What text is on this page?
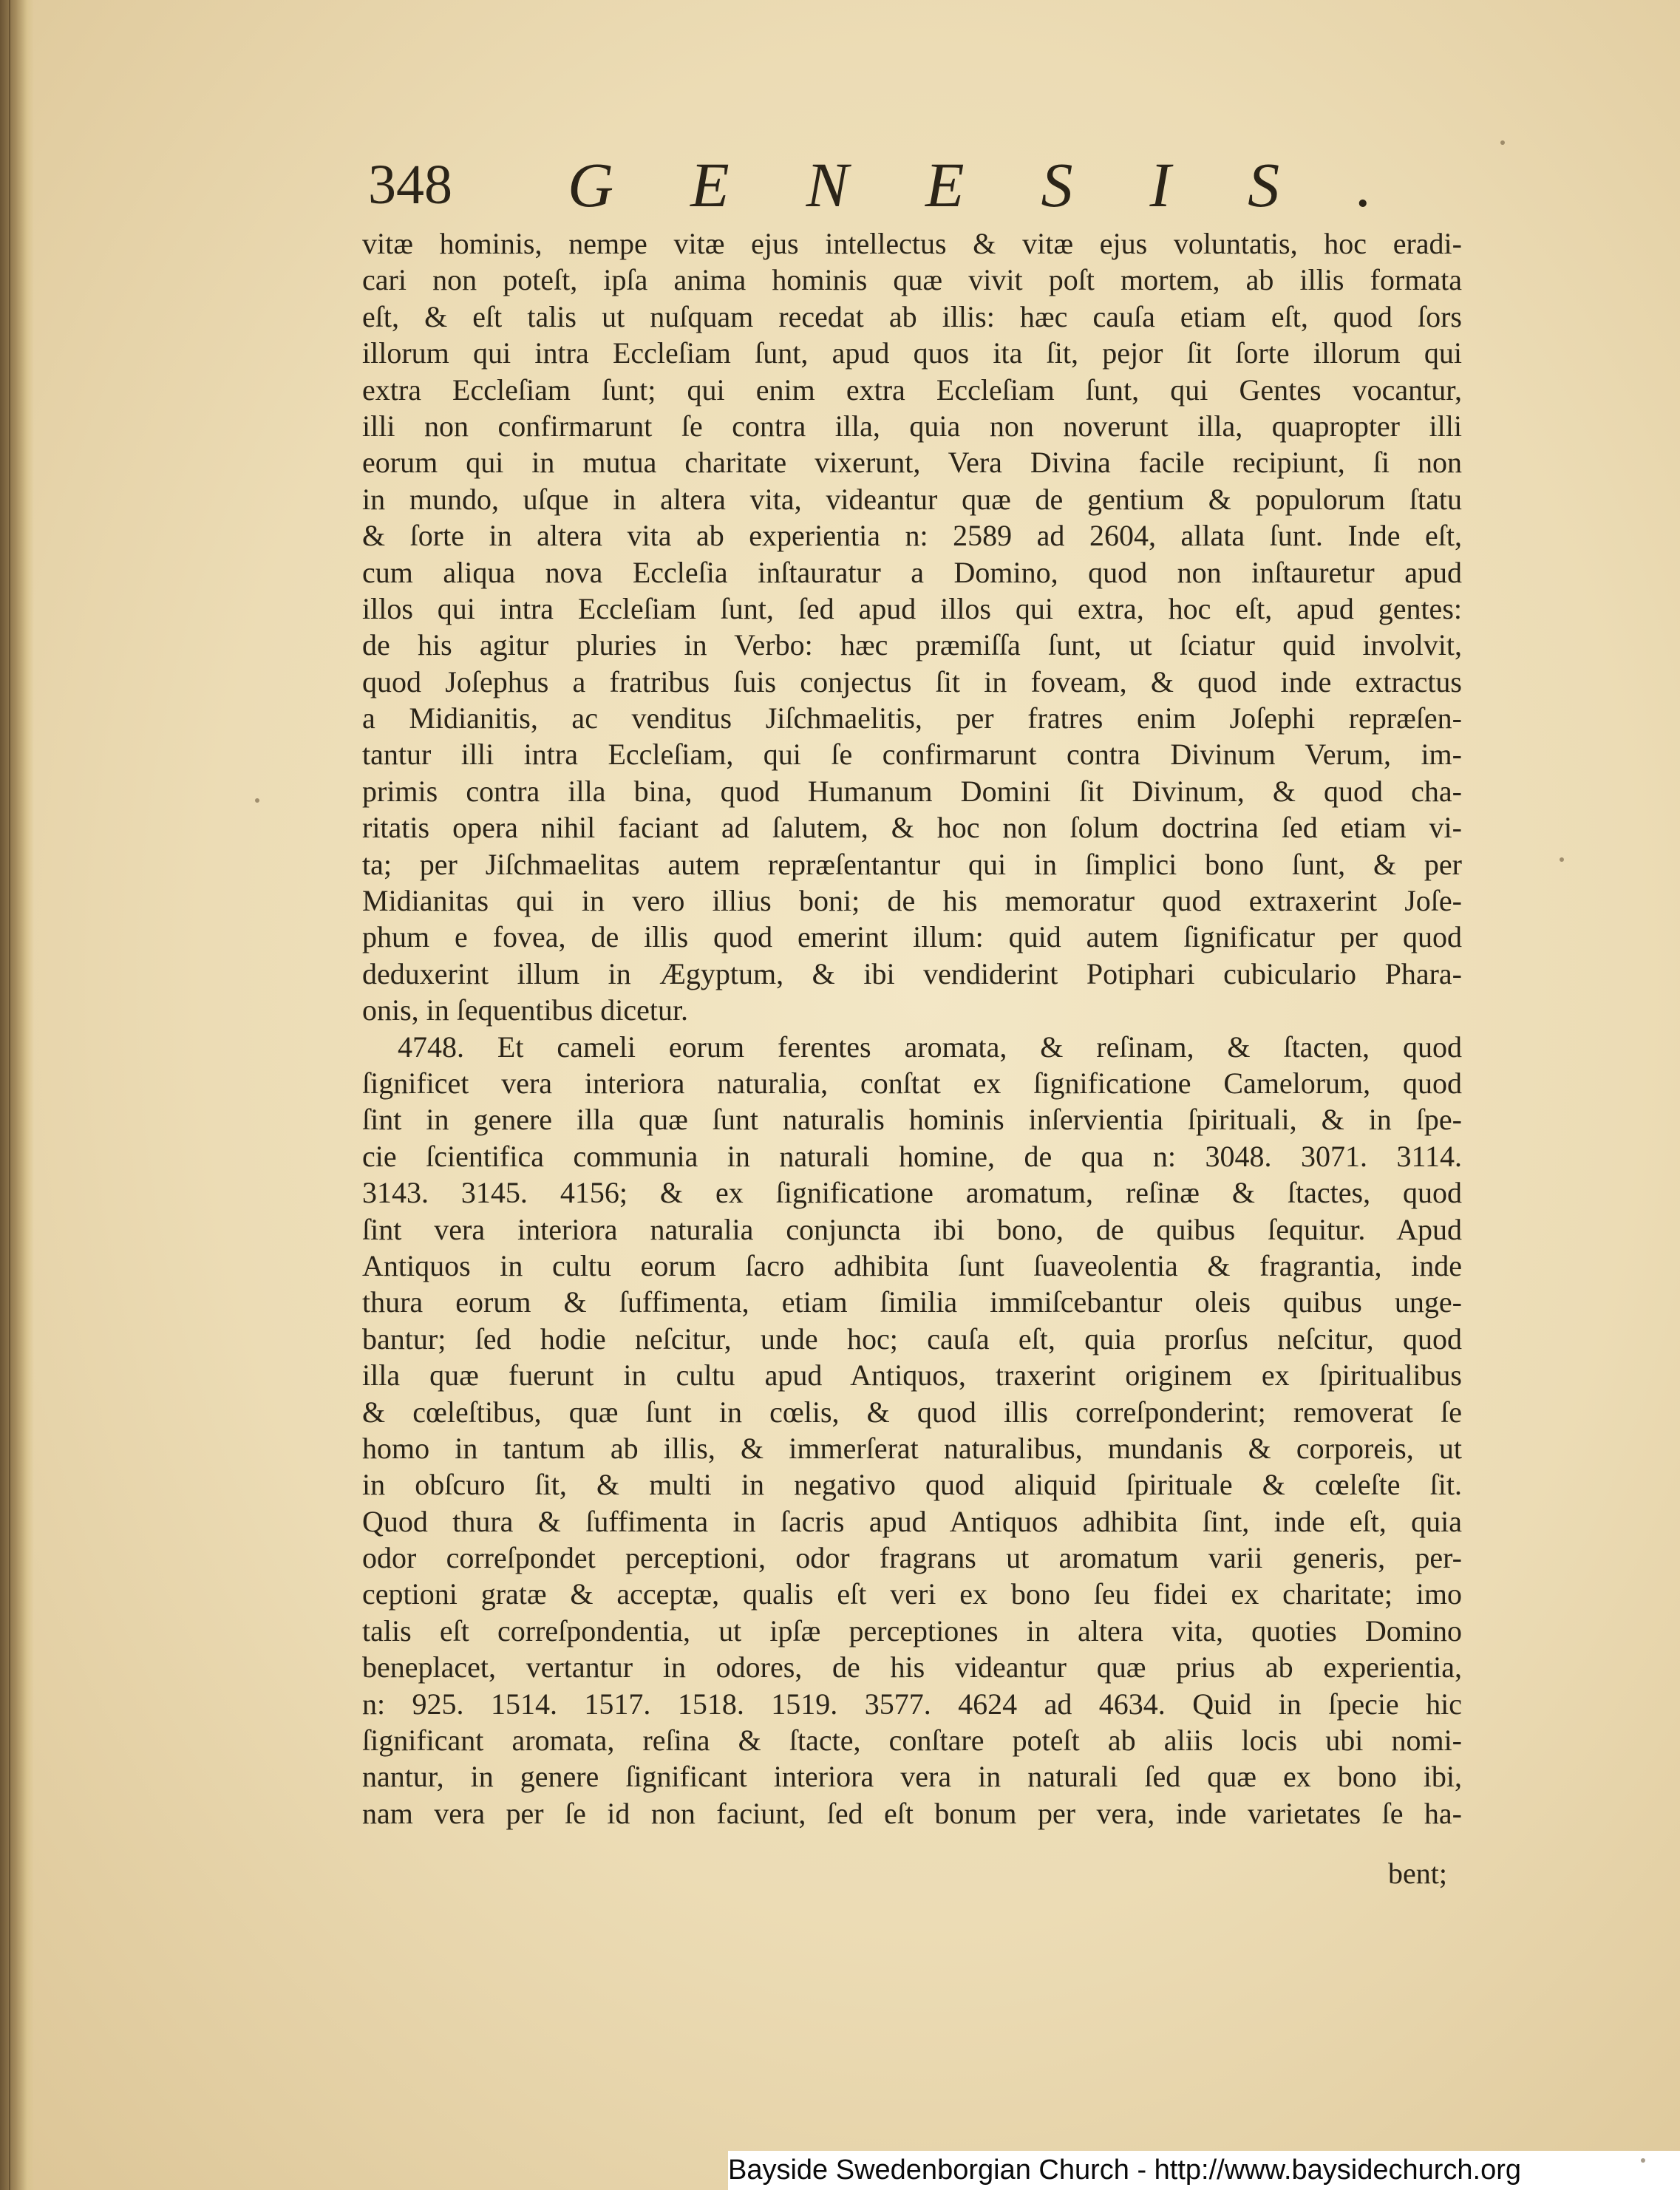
348 GENESIS.
vitæ hominis, nempe vitæ ejus intellectus & vitæ ejus voluntatis, hoc eradi-
cari non poteſt, ipſa anima hominis quæ vivit poſt mortem, ab illis formata
eſt, & eſt talis ut nuſquam recedat ab illis: hæc cauſa etiam eſt, quod ſors
illorum qui intra Eccleſiam ſunt, apud quos ita ſit, pejor ſit ſorte illorum qui
extra Eccleſiam ſunt; qui enim extra Eccleſiam ſunt, qui Gentes vocantur,
illi non confirmarunt ſe contra illa, quia non noverunt illa, quapropter illi
eorum qui in mutua charitate vixerunt, Vera Divina facile recipiunt, ſi non
in mundo, uſque in altera vita, videantur quæ de gentium & populorum ſtatu
& ſorte in altera vita ab experientia n: 2589 ad 2604, allata ſunt. Inde eſt,
cum aliqua nova Eccleſia inſtauratur a Domino, quod non inſtauretur apud
illos qui intra Eccleſiam ſunt, ſed apud illos qui extra, hoc eſt, apud gentes:
de his agitur pluries in Verbo: hæc præmiſſa ſunt, ut ſciatur quid involvit,
quod Joſephus a fratribus ſuis conjectus ſit in foveam, & quod inde extractus
a Midianitis, ac venditus Jiſchmaelitis, per fratres enim Joſephi repræſen-
tantur illi intra Eccleſiam, qui ſe confirmarunt contra Divinum Verum, im-
primis contra illa bina, quod Humanum Domini ſit Divinum, & quod cha-
ritatis opera nihil faciant ad ſalutem, & hoc non ſolum doctrina ſed etiam vi-
ta; per Jiſchmaelitas autem repræſentantur qui in ſimplici bono ſunt, & per
Midianitas qui in vero illius boni; de his memoratur quod extraxerint Joſe-
phum e fovea, de illis quod emerint illum: quid autem ſignificatur per quod
deduxerint illum in Ægyptum, & ibi vendiderint Potiphari cubiculario Phara-
onis, in ſequentibus dicetur.
4748. Et cameli eorum ferentes aromata, & reſinam, & ſtacten, quod
ſignificet vera interiora naturalia, conſtat ex ſignificatione Camelorum, quod
ſint in genere illa quæ ſunt naturalis hominis inſervientia ſpirituali, & in ſpe-
cie ſcientifica communia in naturali homine, de qua n: 3048. 3071. 3114.
3143. 3145. 4156; & ex ſignificatione aromatum, reſinæ & ſtactes, quod
ſint vera interiora naturalia conjuncta ibi bono, de quibus ſequitur. Apud
Antiquos in cultu eorum ſacro adhibita ſunt ſuaveolentia & fragrantia, inde
thura eorum & ſuffimenta, etiam ſimilia immiſcebantur oleis quibus unge-
bantur; ſed hodie neſcitur, unde hoc; cauſa eſt, quia prorſus neſcitur, quod
illa quæ fuerunt in cultu apud Antiquos, traxerint originem ex ſpiritualibus
& cœleſtibus, quæ ſunt in cœlis, & quod illis correſponderint; removerat ſe
homo in tantum ab illis, & immerſerat naturalibus, mundanis & corporeis, ut
in obſcuro ſit, & multi in negativo quod aliquid ſpirituale & cœleſte ſit.
Quod thura & ſuffimenta in ſacris apud Antiquos adhibita ſint, inde eſt, quia
odor correſpondet perceptioni, odor fragrans ut aromatum varii generis, per-
ceptioni gratæ & acceptæ, qualis eſt veri ex bono ſeu fidei ex charitate; imo
talis eſt correſpondentia, ut ipſæ perceptiones in altera vita, quoties Domino
beneplacet, vertantur in odores, de his videantur quæ prius ab experientia,
n: 925. 1514. 1517. 1518. 1519. 3577. 4624 ad 4634. Quid in ſpecie hic
ſignificant aromata, reſina & ſtacte, conſtare poteſt ab aliis locis ubi nomi-
nantur, in genere ſignificant interiora vera in naturali ſed quæ ex bono ibi,
nam vera per ſe id non faciunt, ſed eſt bonum per vera, inde varietates ſe ha-
bent;
Bayside Swedenborgian Church - http://www.baysidechurch.org
